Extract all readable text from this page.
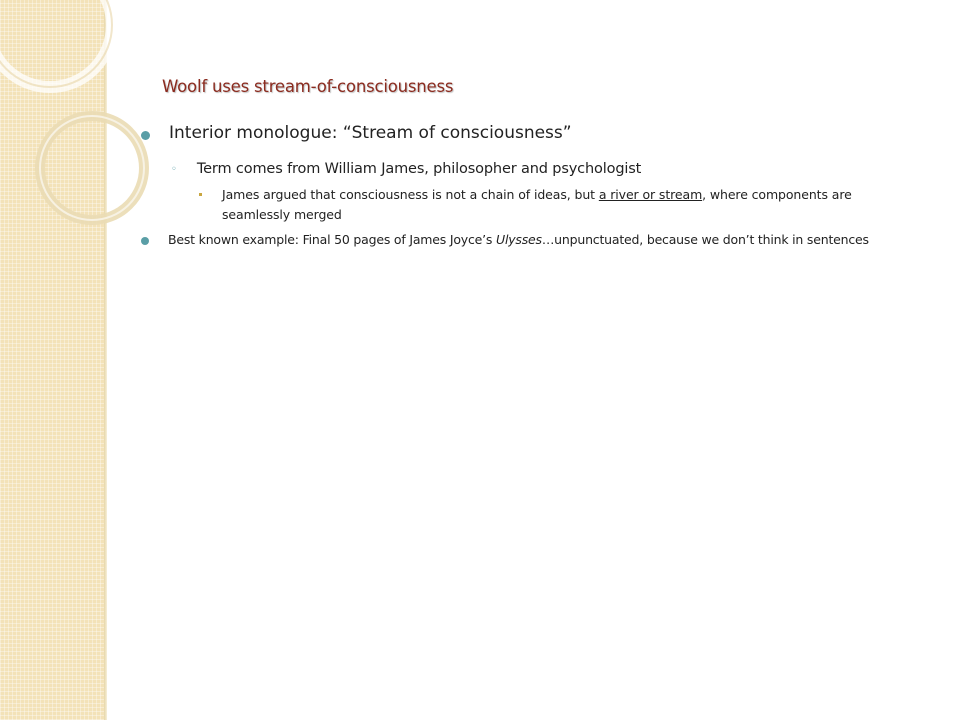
Woolf uses stream-of-consciousness
Interior monologue: “Stream of consciousness”
◦ Term comes from William James, philosopher and psychologist
James argued that consciousness is not a chain of ideas, but a river or stream, where components are seamlessly merged
Best known example: Final 50 pages of James Joyce’s Ulysses…unpunctuated, because we don’t think in sentences
